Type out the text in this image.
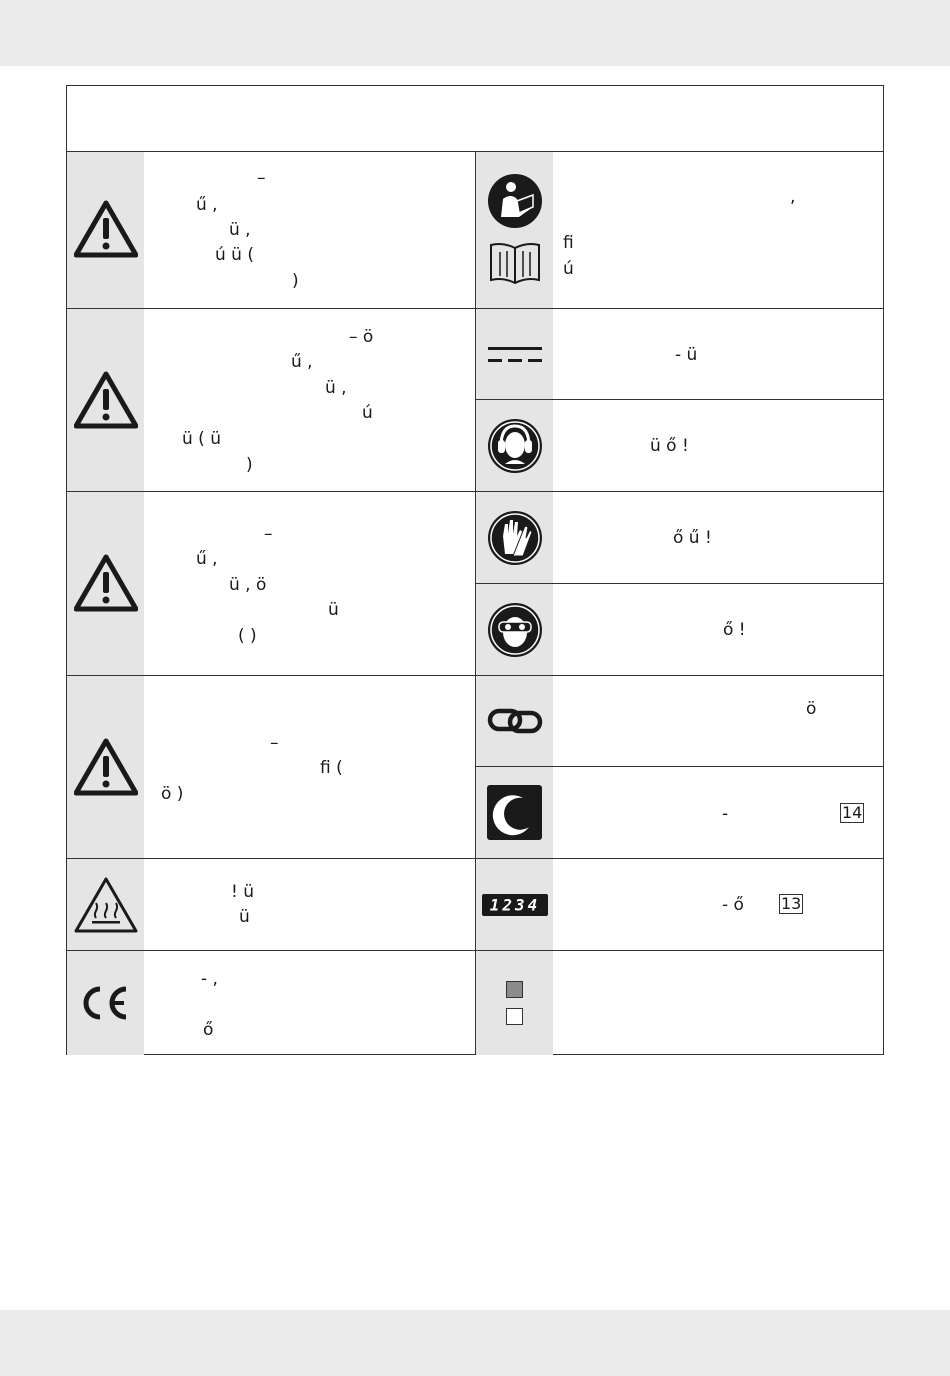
1234
–
ű ,
ü ,
ú ü (
)
– ö
ű ,
ü ,
ú
ü ( ü
)
–
ű ,
ü , ö
ü
( )
–
ﬁ (
ö )
! ü
ü
- ,
ő
,
ﬁ
ú
- ü
ü ő !
ő ű !
ő !
ö
-	14
- ő 13
